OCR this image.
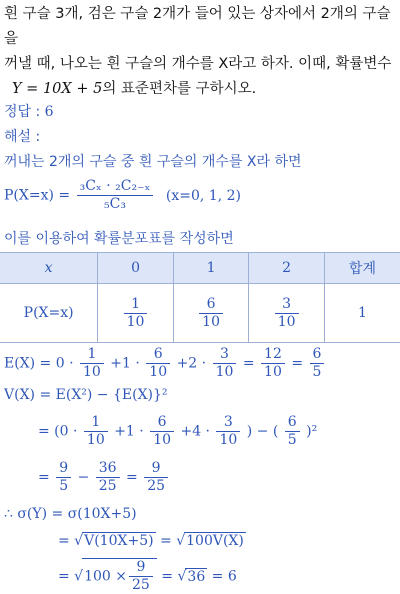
흰 구슬 3개, 검은 구슬 2개가 들어 있는 상자에서 2개의 구슬을
꺼낼 때, 나오는 흰 구슬의 개수를 X라고 하자. 이때, 확률변수
Y = 10X + 5의 표준편차를 구하시오.
정답 : 6
해설 :
꺼내는 2개의 구슬 중 흰 구슬의 개수를 X라 하면
$P(X=x) = \frac{\text{₃Cₓ · ₂C₂₋ₓ}}{\text{₅C₃}} (x=0$, 1, 2)
이를 이용하여 확률분포표를 작성하면
x	0	1	2	합계
P(X=x)	$\frac{1}{10}$	$\frac{6}{10}$	$\frac{3}{10}$	1
$E(X) = 0 \cdot \frac{1}{10} +1 \cdot \frac{6}{10} +2 \cdot \frac{3}{10} = \frac{12}{10} = \frac{6}{5}$
V(X) = E(X²) − {E(X)}²
= ($0 \cdot \frac{1}{10} +1 \cdot \frac{6}{10} +4 \cdot \frac{3}{10}$ ) − ( $\frac{6}{5} )^2$
= $\frac{9}{5} - \frac{36}{25} = \frac{9}{25}$
∴ σ(Y) = σ(10X+5)
= √V(10X+5) = √100V(X)
= $√100 \times \frac{9}{25} = √36 = 6$
